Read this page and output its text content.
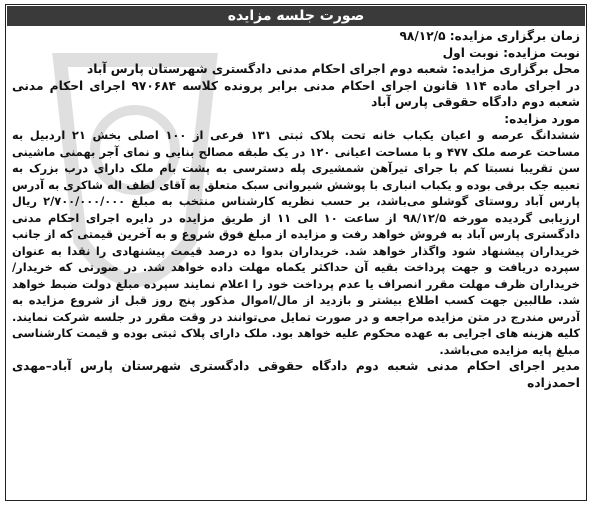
صورت جلسه مزایده

زمان برگزاری مزایده: ۹۸/۱۲/۵

نوبت مزایده: نوبت اول

محل برگزاری مزایده: شعبه دوم اجرای احکام مدنی دادگستری شهرستان پارس آباد

در اجرای ماده ۱۱۴ قانون اجرای احکام مدنی برابر پرونده کلاسه ۹۷۰۶۸۴ اجرای احکام مدنی شعبه دوم دادگاه حقوقی پارس آباد

مورد مزایده:

ششدانگ عرصه و اعیان یکباب خانه تحت پلاک ثبتی ۱۳۱ فرعی از ۱۰۰ اصلی بخش ۲۱ اردبیل به مساحت عرصه ملک ۴۷۷ و با مساحت اعیانی ۱۲۰ در یک طبقه مصالح بنایی و نمای آجر بهمنی ماشینی سن تقریبا نسبتا کم با جرای تیرآهن شمشیری پله دسترسی به پشت بام ملک دارای درب بزرک به تعبیه جک برقی بوده و یکباب انباری با پوشش شیروانی سبک متعلق به آقای لطف اله شاکری به آدرس پارس آباد روستای گوشلو می‌باشد، بر حسب نظریه کارشناس منتخب به مبلغ ۲/۷۰۰/۰۰۰/۰۰۰ ریال ارزیابی گردیده مورخه ۹۸/۱۲/۵ از ساعت ۱۰ الی ۱۱ از طریق مزایده در دایره اجرای احکام مدنی دادگستری پارس آباد به فروش خواهد رفت و مزایده از مبلغ فوق شروع و به آخرین قیمتی که از جانب خریداران پیشنهاد شود واگذار خواهد شد. خریداران بدوا ده درصد قیمت پیشنهادی را نقدا به عنوان سپرده دریافت و جهت پرداخت بقیه آن حداکثر یکماه مهلت داده خواهد شد. در صورتی که خریدار/خریداران ظرف مهلت مقرر انصراف یا عدم پرداخت خود را اعلام نمایند سپرده مبلغ دولت ضبط خواهد شد. طالبین جهت کسب اطلاع بیشتر و بازدید از مال/اموال مذکور پنج روز قبل از شروع مزایده به آدرس مندرج در متن مزایده مراجعه و در صورت تمایل می‌توانند در وقت مقرر در جلسه شرکت نمایند. کلیه هزینه های اجرایی به عهده محکوم علیه خواهد بود. ملک دارای پلاک ثبتی بوده و قیمت کارشناسی مبلغ پایه مزایده می‌باشد.

مدیر اجرای احکام مدنی شعبه دوم دادگاه حقوقی دادگستری شهرستان پارس آباد–مهدی احمدزاده
